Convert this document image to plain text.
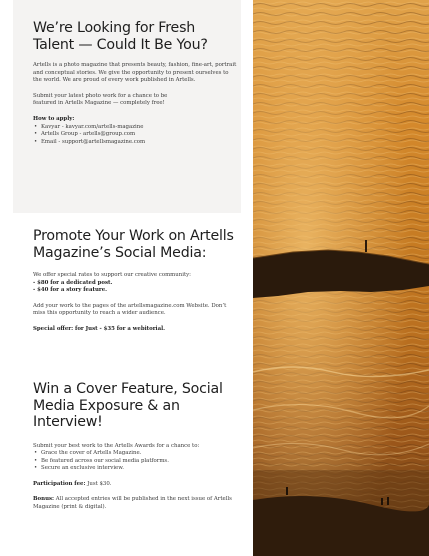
We’re Looking for Fresh Talent — Could It Be You?

Artells is a photo magazine that presents beauty, fashion, fine-art, portrait and conceptual stories. We give the opportunity to present ourselves to the world. We are proud of every work published in Artells.

Submit your latest photo work for a chance to be featured in Artells Magazine — completely free!

How to apply:

• Kavyar - kavyar.com/artells-magazine
• Artells Group - artells@group.com
• Email - support@artellsmagazine.com
Promote Your Work on Artells Magazine’s Social Media:

We offer special rates to support our creative community:

- $80 for a dedicated post.

- $40 for a story feature.

Add your work to the pages of the artellsmagazine.com Website. Don’t miss this opportunity to reach a wider audience.

Special offer: for Just - $35 for a webitorial.

Win a Cover Feature, Social Media Exposure & an Interview!

Submit your best work to the Artells Awards for a chance to:

• Grace the cover of Artells Magazine.
• Be featured across our social media platforms.
• Secure an exclusive interview.

Participation fee: Just $30.

Bonus: All accepted entries will be published in the next issue of Artells Magazine (print & digital).
